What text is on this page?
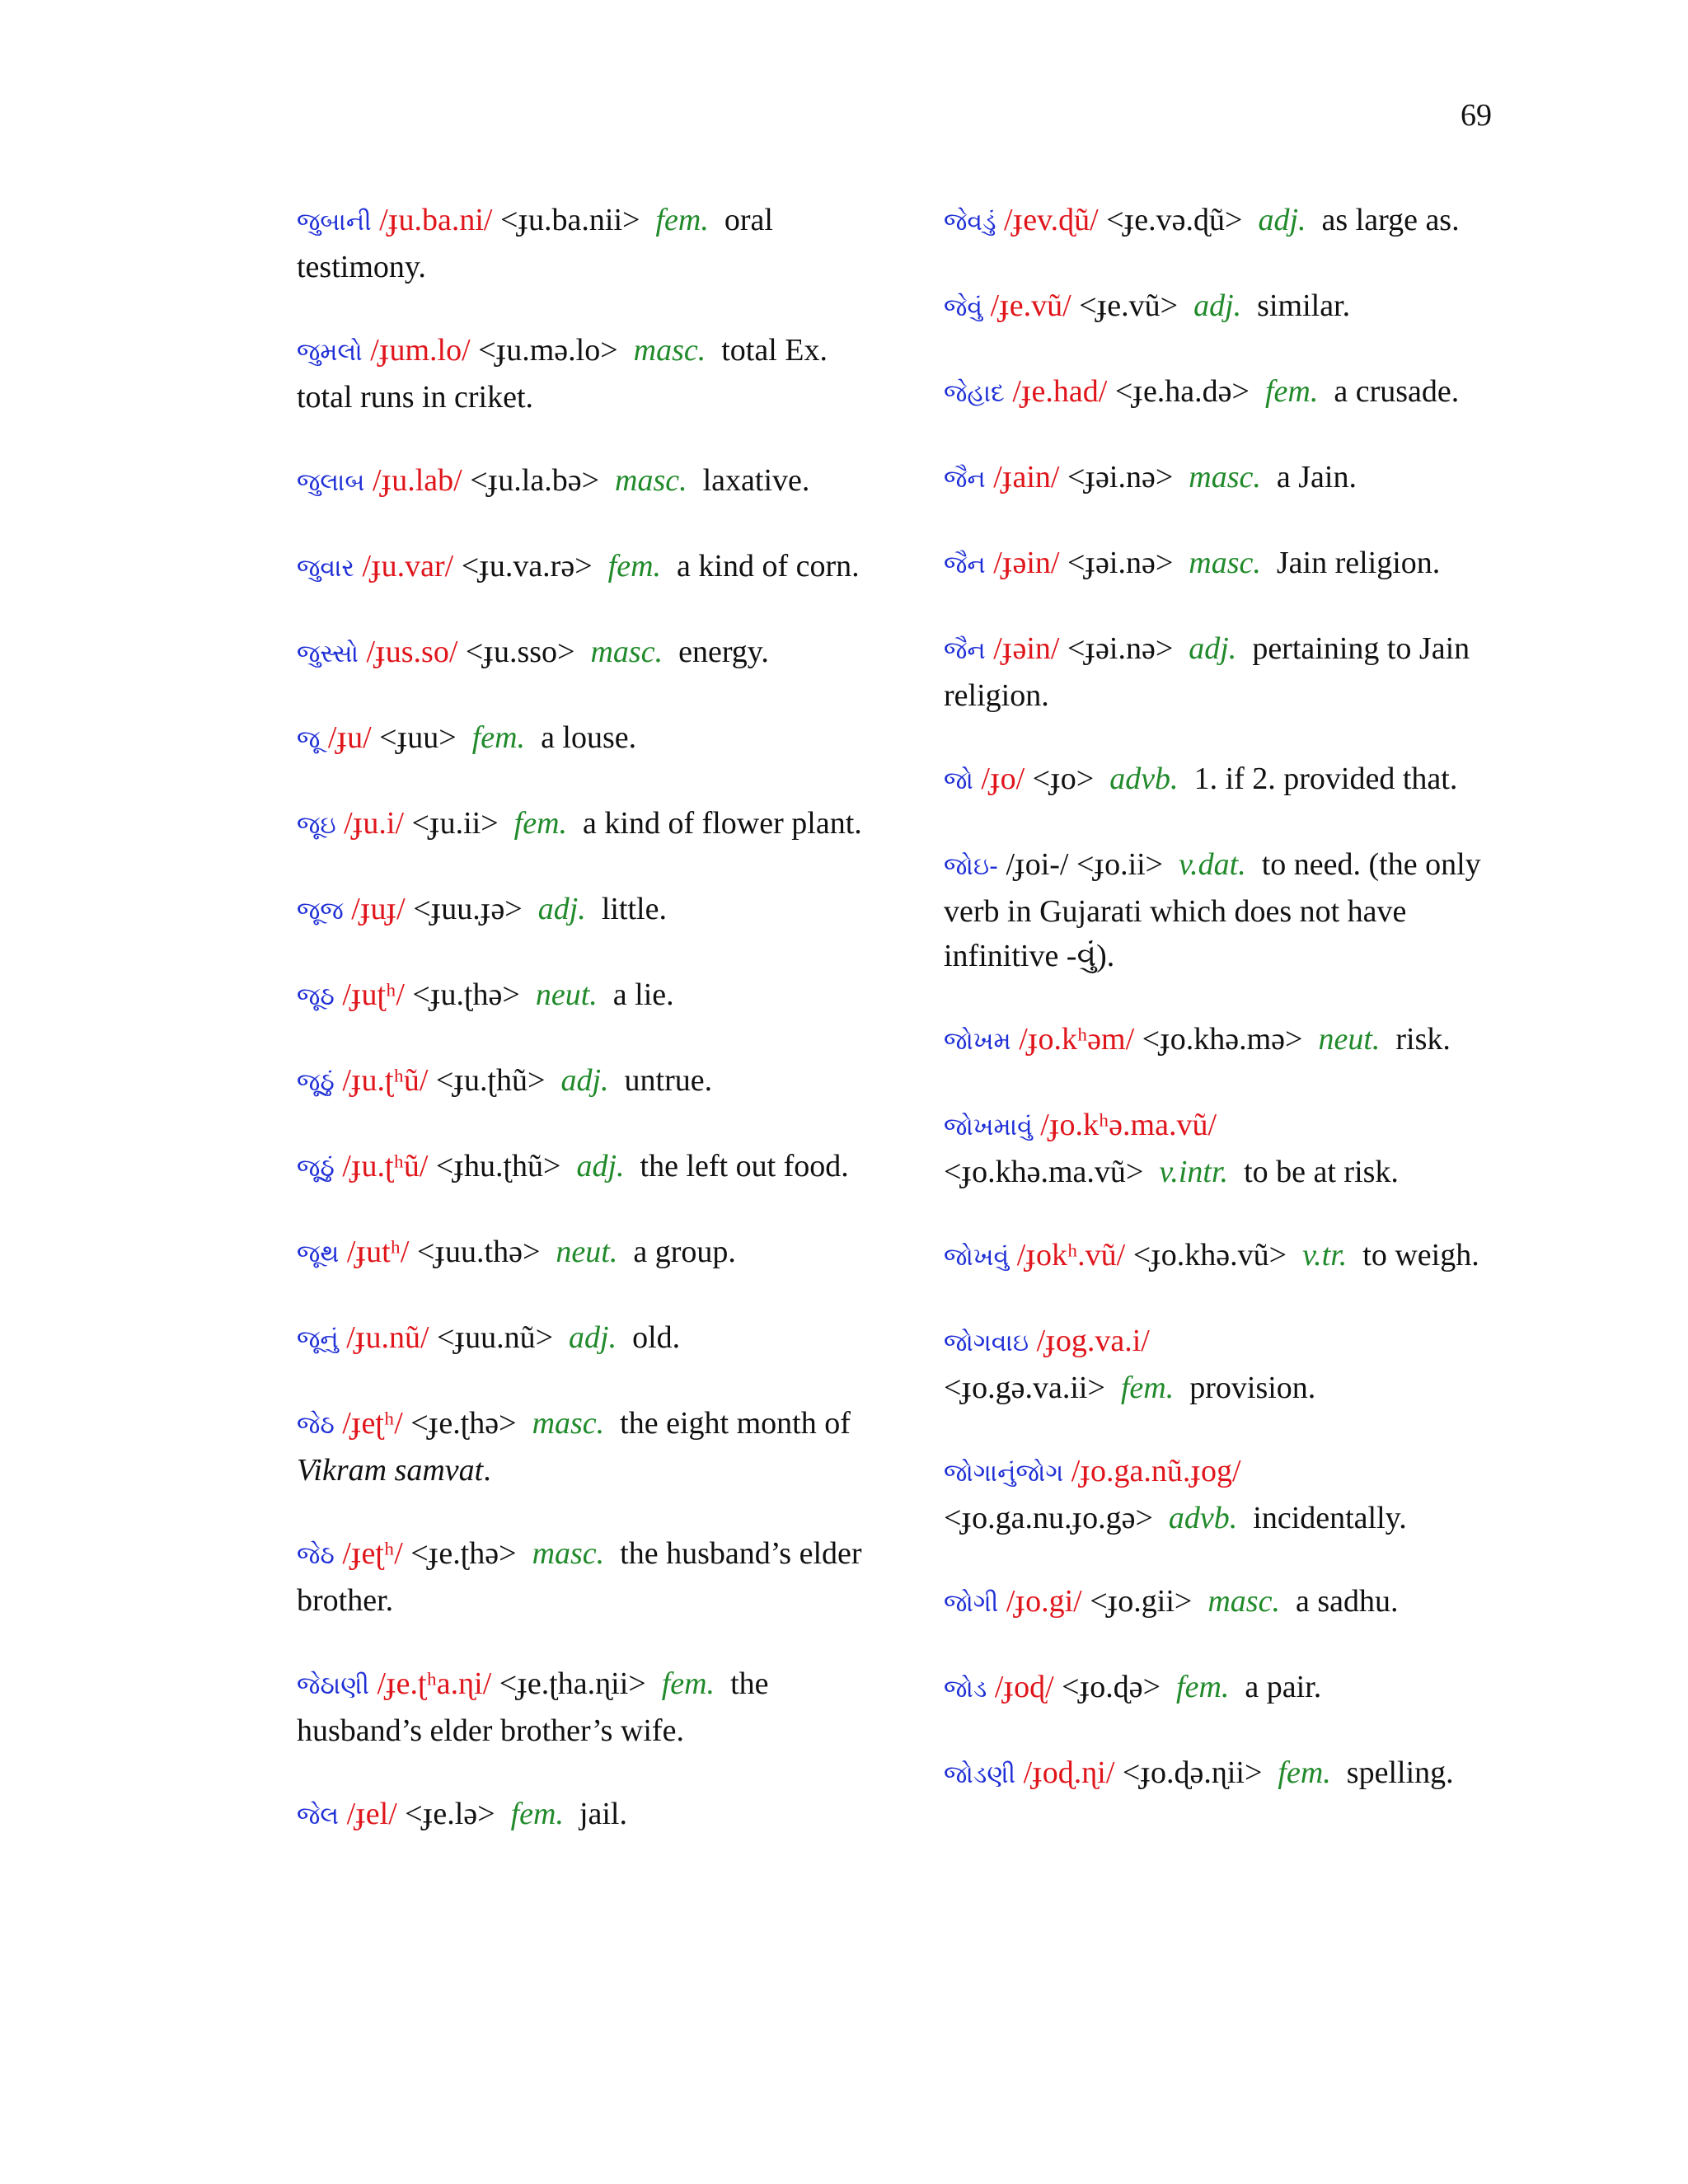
69
જુબાની /ɟu.ba.ni/ <ɟu.ba.nii> fem. oral testimony.
જુમલો /ɟum.lo/ <ɟu.mə.lo> masc. total Ex. total runs in criket.
જુલાબ /ɟu.lab/ <ɟu.la.bə> masc. laxative.
જુવાર /ɟu.var/ <ɟu.va.rə> fem. a kind of corn.
જુસ્સો /ɟus.so/ <ɟu.sso> masc. energy.
જૂ /ɟu/ <ɟuu> fem. a louse.
જૂઇ /ɟu.i/ <ɟu.ii> fem. a kind of flower plant.
જૂજ /ɟuɟ/ <ɟuu.ɟə> adj. little.
જૂઠ /ɟuʈʰ/ <ɟu.ʈhə> neut. a lie.
જૂઠું /ɟu.ʈʰũ/ <ɟu.ʈhũ> adj. untrue.
જૂઠું /ɟu.ʈʰũ/ <ɟhu.ʈhũ> adj. the left out food.
જૂથ /ɟutʰ/ <ɟuu.thə> neut. a group.
જૂનું /ɟu.nũ/ <ɟuu.nũ> adj. old.
જેઠ /ɟeʈʰ/ <ɟe.ʈhə> masc. the eight month of Vikram samvat.
જેઠ /ɟeʈʰ/ <ɟe.ʈhə> masc. the husband’s elder brother.
જેઠાણી /ɟe.ʈʰa.ɳi/ <ɟe.ʈha.ɳii> fem. the husband’s elder brother’s wife.
જેલ /ɟel/ <ɟe.lə> fem. jail.
જેવડું /ɟev.ɖũ/ <ɟe.və.ɖũ> adj. as large as.
જેવું /ɟe.vũ/ <ɟe.vũ> adj. similar.
જેહાદ /ɟe.had/ <ɟe.ha.də> fem. a crusade.
જૈન /ɟain/ <ɟəi.nə> masc. a Jain.
જૈન /ɟəin/ <ɟəi.nə> masc. Jain religion.
જૈન /ɟəin/ <ɟəi.nə> adj. pertaining to Jain
religion.
જો /ɟo/ <ɟo> advb. 1. if 2. provided that.
જોઇ- /ɟoi-/ <ɟo.ii> v.dat. to need. (the only verb in Gujarati which does not have infinitive -વું).
જોખમ /ɟo.kʰəm/ <ɟo.khə.mə> neut. risk.
જોખમાવું /ɟo.kʰə.ma.vũ/ <ɟo.khə.ma.vũ> v.intr. to be at risk.
જોખવું /ɟokʰ.vũ/ <ɟo.khə.vũ> v.tr. to weigh.
જોગવાઇ /ɟog.va.i/ <ɟo.gə.va.ii> fem. provision.
જોગાનુંજોગ /ɟo.ga.nũ.ɟog/ <ɟo.ga.nu.ɟo.gə> advb. incidentally.
જોગી /ɟo.gi/ <ɟo.gii> masc. a sadhu.
જોડ /ɟoɖ/ <ɟo.ɖə> fem. a pair.
જોડણી /ɟoɖ.ɳi/ <ɟo.ɖə.ɳii> fem. spelling.
